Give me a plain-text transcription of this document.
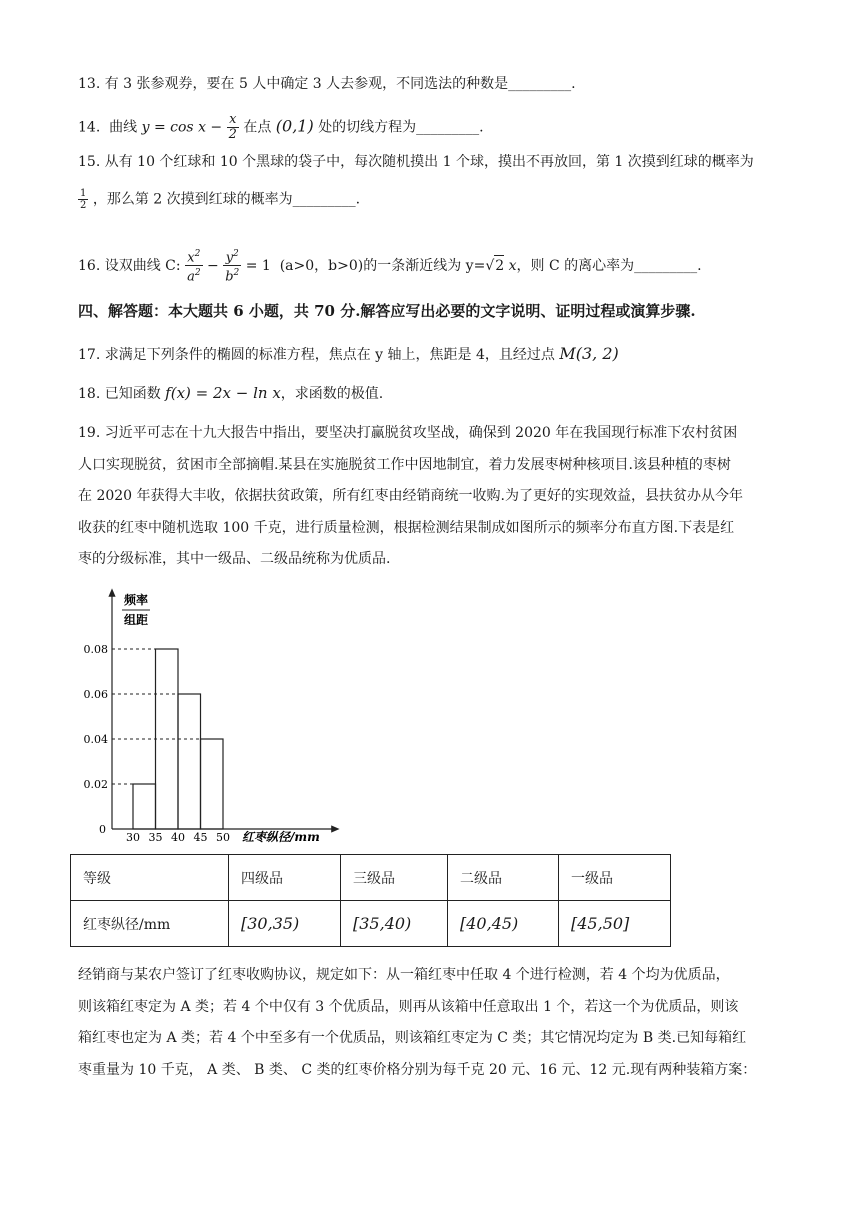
13. 有 3 张参观券，要在 5 人中确定 3 人去参观，不同选法的种数是_________.
14. 曲线 $y = \cos x - \frac{x}{2}$ 在点 (0,1) 处的切线方程为_________.
15. 从有 10 个红球和 10 个黑球的袋子中，每次随机摸出 1 个球，摸出不再放回，第 1 次摸到红球的概率为
$\frac{1}{2}$ ，那么第 2 次摸到红球的概率为_________.
16. 设双曲线 C: $\frac{x^2}{a^2} - \frac{y^2}{b^2} = 1$ (a>0，b>0)的一条渐近线为 y=√2 x，则 C 的离心率为_________.
四、解答题：本大题共 6 小题，共 70 分.解答应写出必要的文字说明、证明过程或演算步骤.
17. 求满足下列条件的椭圆的标准方程，焦点在 y 轴上，焦距是 4，且经过点 M(3, 2)
18. 已知函数 f(x) = 2x − ln x，求函数的极值.
19. 习近平可志在十九大报告中指出，要坚决打赢脱贫攻坚战，确保到 2020 年在我国现行标准下农村贫困
人口实现脱贫，贫困市全部摘帽.某县在实施脱贫工作中因地制宜，着力发展枣树种核项目.该县种植的枣树
在 2020 年获得大丰收，依据扶贫政策，所有红枣由经销商统一收购.为了更好的实现效益，县扶贫办从今年
收获的红枣中随机选取 100 千克，进行质量检测，根据检测结果制成如图所示的频率分布直方图.下表是红
枣的分级标准，其中一级品、二级品统称为优质品.
频率
组距
0.02
0.04
0.06
0.08
30 35 40 45 50
0
红枣纵径/mm
等级	四级品	三级品	二级品	一级品
红枣纵径/mm	[30,35)	[35,40)	[40,45)	[45,50]
经销商与某农户签订了红枣收购协议，规定如下：从一箱红枣中任取 4 个进行检测，若 4 个均为优质品，
则该箱红枣定为 A 类；若 4 个中仅有 3 个优质品，则再从该箱中任意取出 1 个，若这一个为优质品，则该
箱红枣也定为 A 类；若 4 个中至多有一个优质品，则该箱红枣定为 C 类；其它情况均定为 B 类.已知每箱红
枣重量为 10 千克， A 类、 B 类、 C 类的红枣价格分别为每千克 20 元、16 元、12 元.现有两种装箱方案：
